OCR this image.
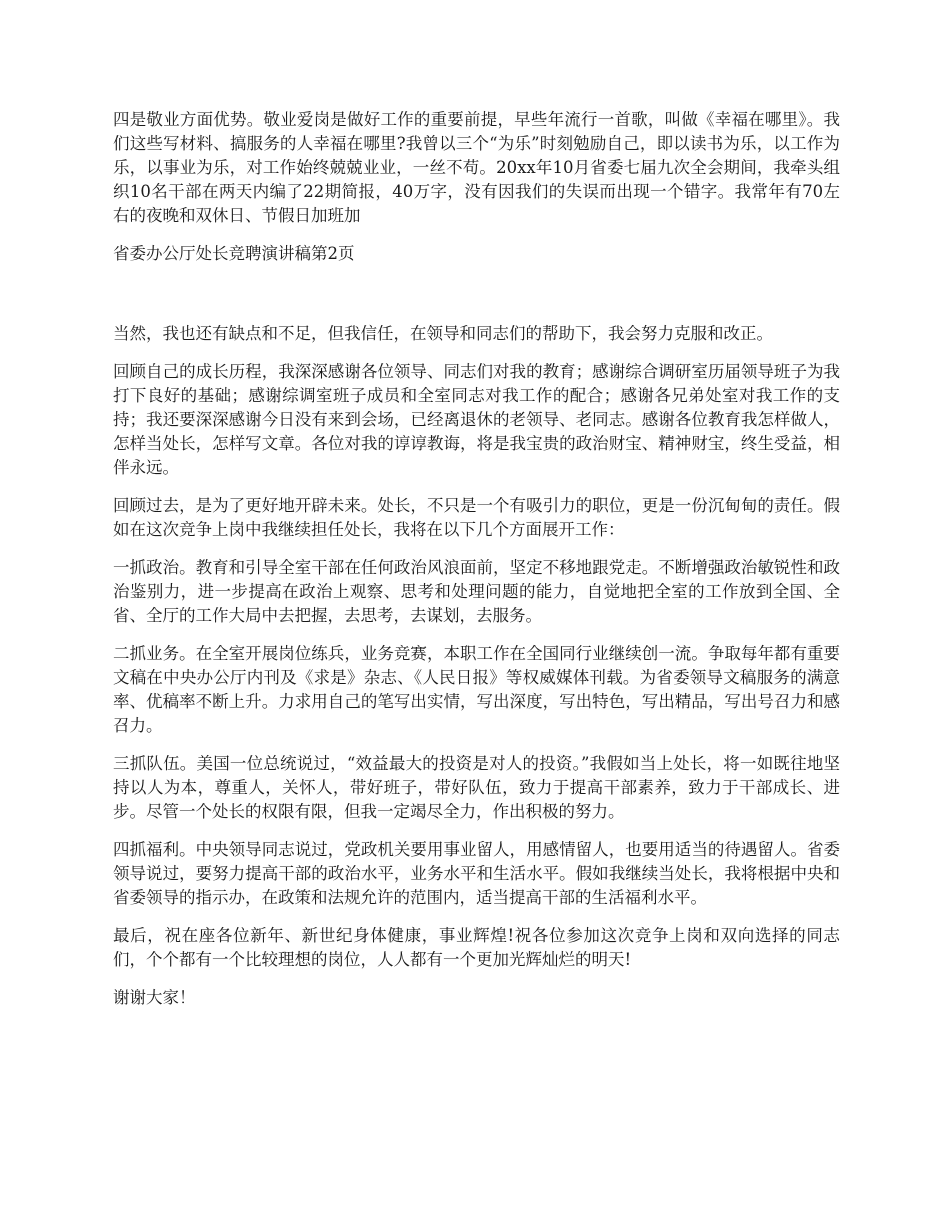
四是敬业方面优势。敬业爱岗是做好工作的重要前提，早些年流行一首歌，叫做《幸福在哪里》。我们这些写材料、搞服务的人幸福在哪里?我曾以三个“为乐”时刻勉励自己，即以读书为乐，以工作为乐，以事业为乐，对工作始终兢兢业业，一丝不苟。20xx年10月省委七届九次全会期间，我牵头组织10名干部在两天内编了22期简报，40万字，没有因我们的失误而出现一个错字。我常年有70左右的夜晚和双休日、节假日加班加

省委办公厅处长竞聘演讲稿第2页

当然，我也还有缺点和不足，但我信任，在领导和同志们的帮助下，我会努力克服和改正。

回顾自己的成长历程，我深深感谢各位领导、同志们对我的教育；感谢综合调研室历届领导班子为我打下良好的基础；感谢综调室班子成员和全室同志对我工作的配合；感谢各兄弟处室对我工作的支持；我还要深深感谢今日没有来到会场，已经离退休的老领导、老同志。感谢各位教育我怎样做人，怎样当处长，怎样写文章。各位对我的谆谆教诲，将是我宝贵的政治财宝、精神财宝，终生受益，相伴永远。

回顾过去，是为了更好地开辟未来。处长，不只是一个有吸引力的职位，更是一份沉甸甸的责任。假如在这次竞争上岗中我继续担任处长，我将在以下几个方面展开工作：

一抓政治。教育和引导全室干部在任何政治风浪面前，坚定不移地跟党走。不断增强政治敏锐性和政治鉴别力，进一步提高在政治上观察、思考和处理问题的能力，自觉地把全室的工作放到全国、全省、全厅的工作大局中去把握，去思考，去谋划，去服务。

二抓业务。在全室开展岗位练兵，业务竞赛，本职工作在全国同行业继续创一流。争取每年都有重要文稿在中央办公厅内刊及《求是》杂志、《人民日报》等权威媒体刊载。为省委领导文稿服务的满意率、优稿率不断上升。力求用自己的笔写出实情，写出深度，写出特色，写出精品，写出号召力和感召力。

三抓队伍。美国一位总统说过，“效益最大的投资是对人的投资。”我假如当上处长，将一如既往地坚持以人为本，尊重人，关怀人，带好班子，带好队伍，致力于提高干部素养，致力于干部成长、进步。尽管一个处长的权限有限，但我一定竭尽全力，作出积极的努力。

四抓福利。中央领导同志说过，党政机关要用事业留人，用感情留人，也要用适当的待遇留人。省委领导说过，要努力提高干部的政治水平，业务水平和生活水平。假如我继续当处长，我将根据中央和省委领导的指示办，在政策和法规允许的范围内，适当提高干部的生活福利水平。

最后，祝在座各位新年、新世纪身体健康，事业辉煌!祝各位参加这次竞争上岗和双向选择的同志们，个个都有一个比较理想的岗位，人人都有一个更加光辉灿烂的明天!

谢谢大家！
